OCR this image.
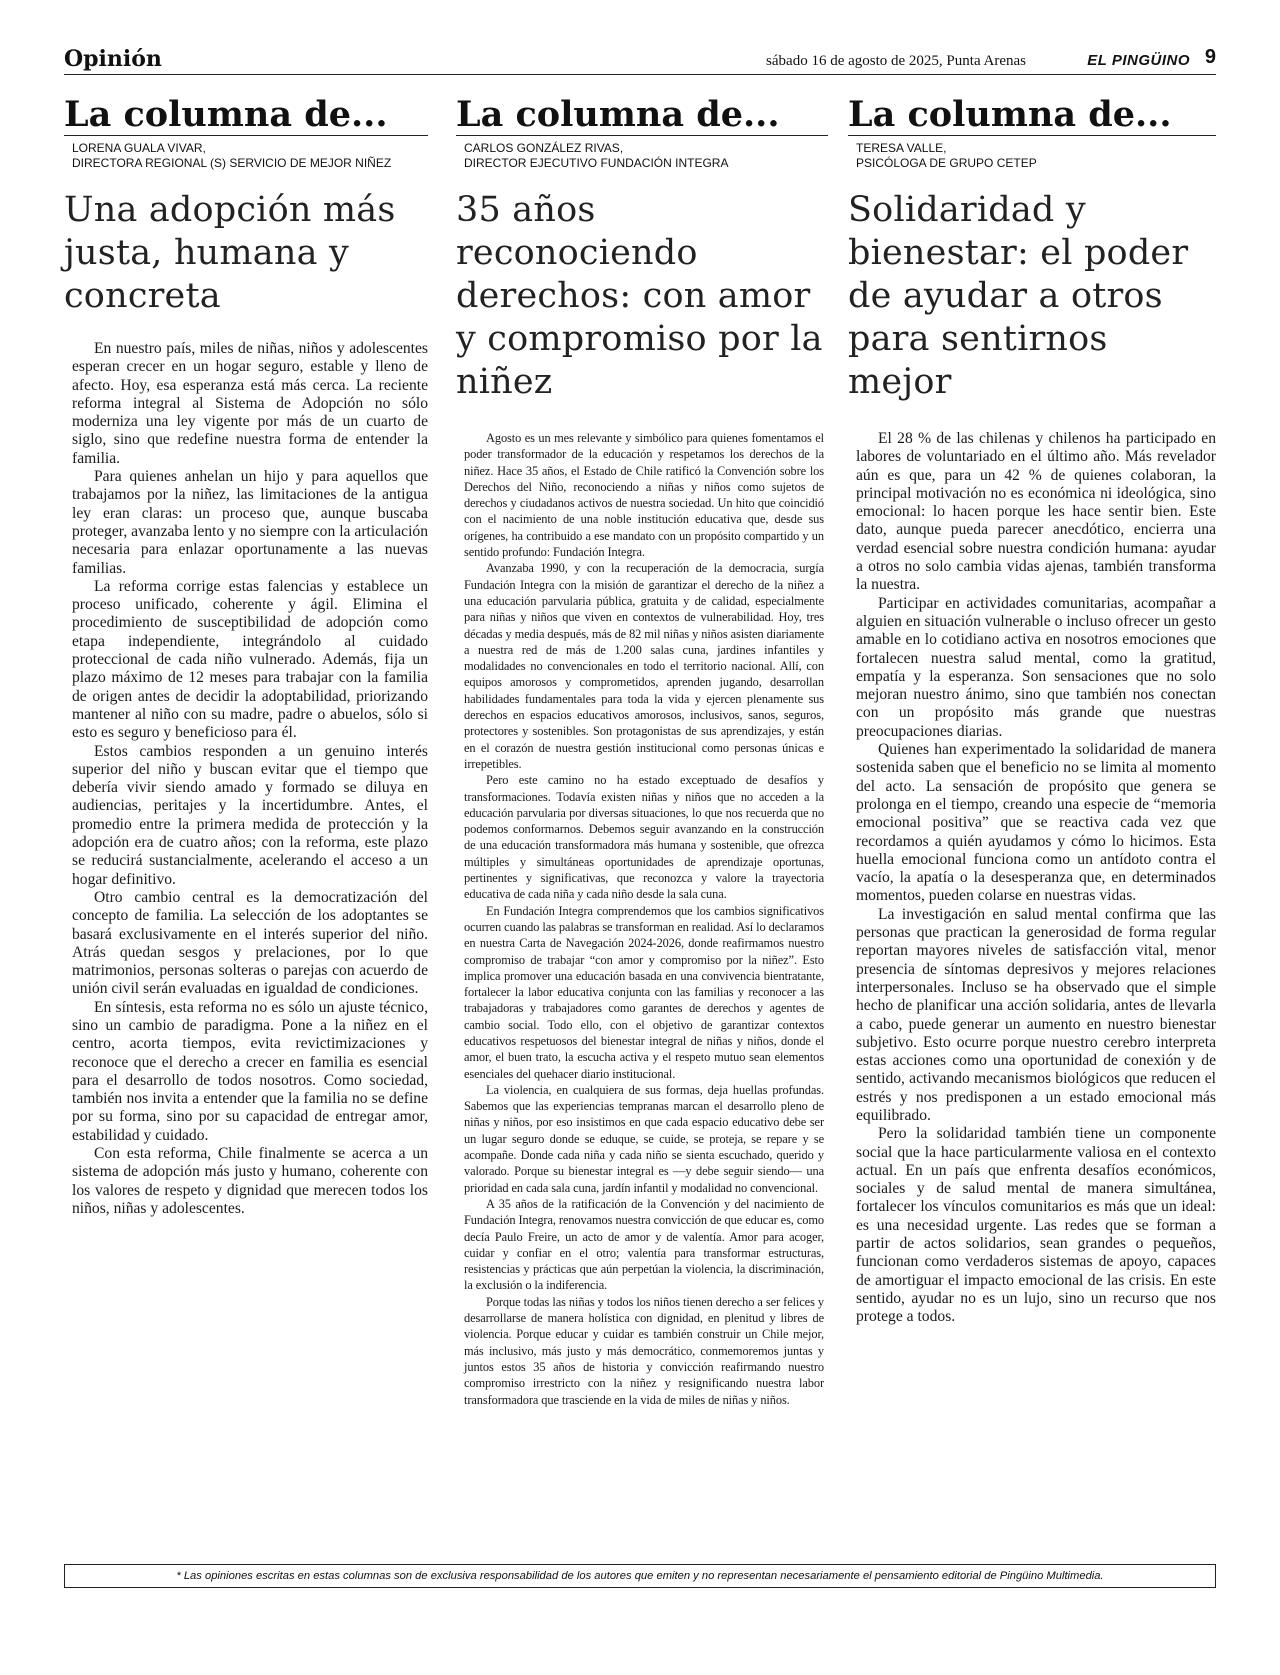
Opinión	sábado 16 de agosto de 2025, Punta Arenas	EL PINGÜINO 9
La columna de...
LORENA GUALA VIVAR,
DIRECTORA REGIONAL (S) SERVICIO DE MEJOR NIÑEZ
Una adopción más justa, humana y concreta

En nuestro país, miles de niñas, niños y adolescentes esperan crecer en un hogar seguro, estable y lleno de afecto. Hoy, esa esperanza está más cerca. La reciente reforma integral al Sistema de Adopción no sólo moderniza una ley vigente por más de un cuarto de siglo, sino que redefine nuestra forma de entender la familia.

Para quienes anhelan un hijo y para aquellos que trabajamos por la niñez, las limitaciones de la antigua ley eran claras: un proceso que, aunque buscaba proteger, avanzaba lento y no siempre con la articulación necesaria para enlazar oportunamente a las nuevas familias.

La reforma corrige estas falencias y establece un proceso unificado, coherente y ágil. Elimina el procedimiento de susceptibilidad de adopción como etapa independiente, integrándolo al cuidado proteccional de cada niño vulnerado. Además, fija un plazo máximo de 12 meses para trabajar con la familia de origen antes de decidir la adoptabilidad, priorizando mantener al niño con su madre, padre o abuelos, sólo si esto es seguro y beneficioso para él.

Estos cambios responden a un genuino interés superior del niño y buscan evitar que el tiempo que debería vivir siendo amado y formado se diluya en audiencias, peritajes y la incertidumbre. Antes, el promedio entre la primera medida de protección y la adopción era de cuatro años; con la reforma, este plazo se reducirá sustancialmente, acelerando el acceso a un hogar definitivo.

Otro cambio central es la democratización del concepto de familia. La selección de los adoptantes se basará exclusivamente en el interés superior del niño. Atrás quedan sesgos y prelaciones, por lo que matrimonios, personas solteras o parejas con acuerdo de unión civil serán evaluadas en igualdad de condiciones.

En síntesis, esta reforma no es sólo un ajuste técnico, sino un cambio de paradigma. Pone a la niñez en el centro, acorta tiempos, evita revictimizaciones y reconoce que el derecho a crecer en familia es esencial para el desarrollo de todos nosotros. Como sociedad, también nos invita a entender que la familia no se define por su forma, sino por su capacidad de entregar amor, estabilidad y cuidado.

Con esta reforma, Chile finalmente se acerca a un sistema de adopción más justo y humano, coherente con los valores de respeto y dignidad que merecen todos los niños, niñas y adolescentes.

La columna de...
CARLOS GONZÁLEZ RIVAS,
DIRECTOR EJECUTIVO FUNDACIÓN INTEGRA
35 años reconociendo derechos: con amor y compromiso por la niñez

Agosto es un mes relevante y simbólico para quienes fomentamos el poder transformador de la educación y respetamos los derechos de la niñez. Hace 35 años, el Estado de Chile ratificó la Convención sobre los Derechos del Niño, reconociendo a niñas y niños como sujetos de derechos y ciudadanos activos de nuestra sociedad. Un hito que coincidió con el nacimiento de una noble institución educativa que, desde sus orígenes, ha contribuido a ese mandato con un propósito compartido y un sentido profundo: Fundación Integra.

Avanzaba 1990, y con la recuperación de la democracia, surgía Fundación Integra con la misión de garantizar el derecho de la niñez a una educación parvularia pública, gratuita y de calidad, especialmente para niñas y niños que viven en contextos de vulnerabilidad. Hoy, tres décadas y media después, más de 82 mil niñas y niños asisten diariamente a nuestra red de más de 1.200 salas cuna, jardines infantiles y modalidades no convencionales en todo el territorio nacional. Allí, con equipos amorosos y comprometidos, aprenden jugando, desarrollan habilidades fundamentales para toda la vida y ejercen plenamente sus derechos en espacios educativos amorosos, inclusivos, sanos, seguros, protectores y sostenibles. Son protagonistas de sus aprendizajes, y están en el corazón de nuestra gestión institucional como personas únicas e irrepetibles.

Pero este camino no ha estado exceptuado de desafíos y transformaciones. Todavía existen niñas y niños que no acceden a la educación parvularia por diversas situaciones, lo que nos recuerda que no podemos conformarnos. Debemos seguir avanzando en la construcción de una educación transformadora más humana y sostenible, que ofrezca múltiples y simultáneas oportunidades de aprendizaje oportunas, pertinentes y significativas, que reconozca y valore la trayectoria educativa de cada niña y cada niño desde la sala cuna.

En Fundación Integra comprendemos que los cambios significativos ocurren cuando las palabras se transforman en realidad. Así lo declaramos en nuestra Carta de Navegación 2024-2026, donde reafirmamos nuestro compromiso de trabajar “con amor y compromiso por la niñez”. Esto implica promover una educación basada en una convivencia bientratante, fortalecer la labor educativa conjunta con las familias y reconocer a las trabajadoras y trabajadores como garantes de derechos y agentes de cambio social. Todo ello, con el objetivo de garantizar contextos educativos respetuosos del bienestar integral de niñas y niños, donde el amor, el buen trato, la escucha activa y el respeto mutuo sean elementos esenciales del quehacer diario institucional.

La violencia, en cualquiera de sus formas, deja huellas profundas. Sabemos que las experiencias tempranas marcan el desarrollo pleno de niñas y niños, por eso insistimos en que cada espacio educativo debe ser un lugar seguro donde se eduque, se cuide, se proteja, se repare y se acompañe. Donde cada niña y cada niño se sienta escuchado, querido y valorado. Porque su bienestar integral es —y debe seguir siendo— una prioridad en cada sala cuna, jardín infantil y modalidad no convencional.

A 35 años de la ratificación de la Convención y del nacimiento de Fundación Integra, renovamos nuestra convicción de que educar es, como decía Paulo Freire, un acto de amor y de valentía. Amor para acoger, cuidar y confiar en el otro; valentía para transformar estructuras, resistencias y prácticas que aún perpetúan la violencia, la discriminación, la exclusión o la indiferencia.

Porque todas las niñas y todos los niños tienen derecho a ser felices y desarrollarse de manera holística con dignidad, en plenitud y libres de violencia. Porque educar y cuidar es también construir un Chile mejor, más inclusivo, más justo y más democrático, conmemoremos juntas y juntos estos 35 años de historia y convicción reafirmando nuestro compromiso irrestricto con la niñez y resignificando nuestra labor transformadora que trasciende en la vida de miles de niñas y niños.

La columna de...
TERESA VALLE,
PSICÓLOGA DE GRUPO CETEP
Solidaridad y bienestar: el poder de ayudar a otros para sentirnos mejor

El 28 % de las chilenas y chilenos ha participado en labores de voluntariado en el último año. Más revelador aún es que, para un 42 % de quienes colaboran, la principal motivación no es económica ni ideológica, sino emocional: lo hacen porque les hace sentir bien. Este dato, aunque pueda parecer anecdótico, encierra una verdad esencial sobre nuestra condición humana: ayudar a otros no solo cambia vidas ajenas, también transforma la nuestra.

Participar en actividades comunitarias, acompañar a alguien en situación vulnerable o incluso ofrecer un gesto amable en lo cotidiano activa en nosotros emociones que fortalecen nuestra salud mental, como la gratitud, empatía y la esperanza. Son sensaciones que no solo mejoran nuestro ánimo, sino que también nos conectan con un propósito más grande que nuestras preocupaciones diarias.

Quienes han experimentado la solidaridad de manera sostenida saben que el beneficio no se limita al momento del acto. La sensación de propósito que genera se prolonga en el tiempo, creando una especie de “memoria emocional positiva” que se reactiva cada vez que recordamos a quién ayudamos y cómo lo hicimos. Esta huella emocional funciona como un antídoto contra el vacío, la apatía o la desesperanza que, en determinados momentos, pueden colarse en nuestras vidas.

La investigación en salud mental confirma que las personas que practican la generosidad de forma regular reportan mayores niveles de satisfacción vital, menor presencia de síntomas depresivos y mejores relaciones interpersonales. Incluso se ha observado que el simple hecho de planificar una acción solidaria, antes de llevarla a cabo, puede generar un aumento en nuestro bienestar subjetivo. Esto ocurre porque nuestro cerebro interpreta estas acciones como una oportunidad de conexión y de sentido, activando mecanismos biológicos que reducen el estrés y nos predisponen a un estado emocional más equilibrado.

Pero la solidaridad también tiene un componente social que la hace particularmente valiosa en el contexto actual. En un país que enfrenta desafíos económicos, sociales y de salud mental de manera simultánea, fortalecer los vínculos comunitarios es más que un ideal: es una necesidad urgente. Las redes que se forman a partir de actos solidarios, sean grandes o pequeños, funcionan como verdaderos sistemas de apoyo, capaces de amortiguar el impacto emocional de las crisis. En este sentido, ayudar no es un lujo, sino un recurso que nos protege a todos.

* Las opiniones escritas en estas columnas son de exclusiva responsabilidad de los autores que emiten y no representan necesariamente el pensamiento editorial de Pingüino Multimedia.
